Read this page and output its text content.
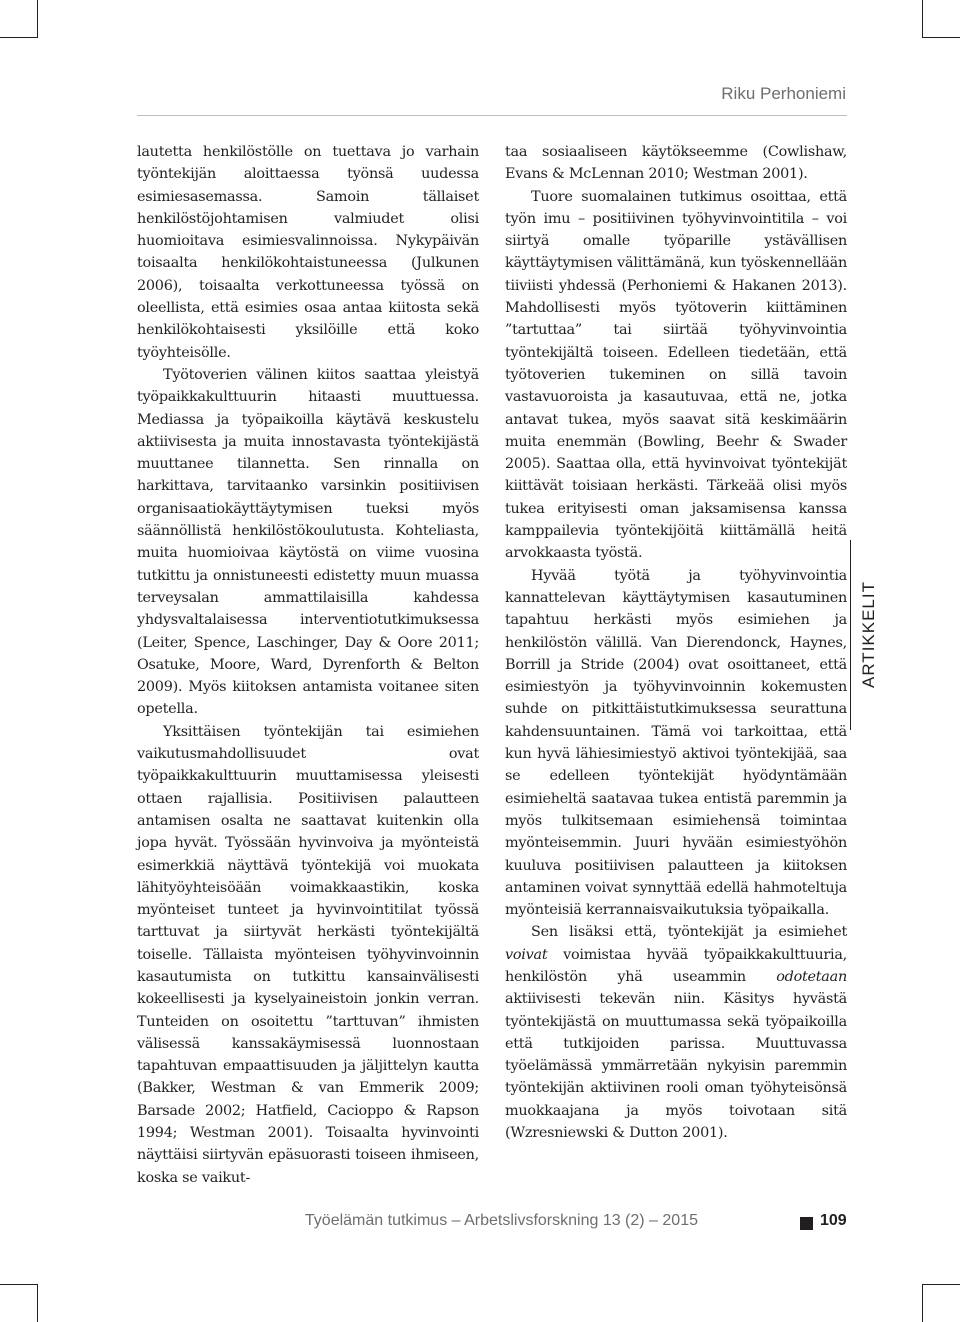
Riku Perhoniemi

lautetta henkilöstölle on tuettava jo varhain työntekijän aloittaessa työnsä uudessa esimiesasemassa. Samoin tällaiset henkilöstöjohtamisen valmiudet olisi huomioitava esimiesvalinnoissa. Nykypäivän toisaalta henkilökohtaistuneessa (Julkunen 2006), toisaalta verkottuneessa työssä on oleellista, että esimies osaa antaa kiitosta sekä henkilökohtaisesti yksilöille että koko työyhteisölle.

Työtoverien välinen kiitos saattaa yleistyä työpaikkakulttuurin hitaasti muuttuessa. Mediassa ja työpaikoilla käytävä keskustelu aktiivisesta ja muita innostavasta työntekijästä muuttanee tilannetta. Sen rinnalla on harkittava, tarvitaanko varsinkin positiivisen organisaatiokäyttäytymisen tueksi myös säännöllistä henkilöstökoulutusta. Kohteliasta, muita huomioivaa käytöstä on viime vuosina tutkittu ja onnistuneesti edistetty muun muassa terveysalan ammattilaisilla kahdessa yhdysvaltalaisessa interventiotutkimuksessa (Leiter, Spence, Laschinger, Day & Oore 2011; Osatuke, Moore, Ward, Dyrenforth & Belton 2009). Myös kiitoksen antamista voitanee siten opetella.

Yksittäisen työntekijän tai esimiehen vaikutusmahdollisuudet ovat työpaikkakulttuurin muuttamisessa yleisesti ottaen rajallisia. Positiivisen palautteen antamisen osalta ne saattavat kuitenkin olla jopa hyvät. Työssään hyvinvoiva ja myönteistä esimerkkiä näyttävä työntekijä voi muokata lähityöyhteisöään voimakkaastikin, koska myönteiset tunteet ja hyvinvointitilat työssä tarttuvat ja siirtyvät herkästi työntekijältä toiselle. Tällaista myönteisen työhyvinvoinnin kasautumista on tutkittu kansainvälisesti kokeellisesti ja kyselyaineistoin jonkin verran. Tunteiden on osoitettu ”tarttuvan” ihmisten välisessä kanssakäymisessä luonnostaan tapahtuvan empaattisuuden ja jäljittelyn kautta (Bakker, Westman & van Emmerik 2009; Barsade 2002; Hatfield, Cacioppo & Rapson 1994; Westman 2001). Toisaalta hyvinvointi näyttäisi siirtyvän epäsuorasti toiseen ihmiseen, koska se vaikut-

taa sosiaaliseen käytökseemme (Cowlishaw, Evans & McLennan 2010; Westman 2001).

Tuore suomalainen tutkimus osoittaa, että työn imu – positiivinen työhyvinvointitila – voi siirtyä omalle työparille ystävällisen käyttäytymisen välittämänä, kun työskennellään tiiviisti yhdessä (Perhoniemi & Hakanen 2013). Mahdollisesti myös työtoverin kiittäminen ”tartuttaa” tai siirtää työhyvinvointia työntekijältä toiseen. Edelleen tiedetään, että työtoverien tukeminen on sillä tavoin vastavuoroista ja kasautuvaa, että ne, jotka antavat tukea, myös saavat sitä keskimäärin muita enemmän (Bowling, Beehr & Swader 2005). Saattaa olla, että hyvinvoivat työntekijät kiittävät toisiaan herkästi. Tärkeää olisi myös tukea erityisesti oman jaksamisensa kanssa kamppailevia työntekijöitä kiittämällä heitä arvokkaasta työstä.

Hyvää työtä ja työhyvinvointia kannattelevan käyttäytymisen kasautuminen tapahtuu herkästi myös esimiehen ja henkilöstön välillä. Van Dierendonck, Haynes, Borrill ja Stride (2004) ovat osoittaneet, että esimiestyön ja työhyvinvoinnin kokemusten suhde on pitkittäistutkimuksessa seurattuna kahdensuuntainen. Tämä voi tarkoittaa, että kun hyvä lähiesimiestyö aktivoi työntekijää, saa se edelleen työntekijät hyödyntämään esimieheltä saatavaa tukea entistä paremmin ja myös tulkitsemaan esimiehensä toimintaa myönteisemmin. Juuri hyvään esimiestyöhön kuuluva positiivisen palautteen ja kiitoksen antaminen voivat synnyttää edellä hahmoteltuja myönteisiä kerrannaisvaikutuksia työpaikalla.

Sen lisäksi että, työntekijät ja esimiehet voivat voimistaa hyvää työpaikkakulttuuria, henkilöstön yhä useammin odotetaan aktiivisesti tekevän niin. Käsitys hyvästä työntekijästä on muuttumassa sekä työpaikoilla että tutkijoiden parissa. Muuttuvassa työelämässä ymmärretään nykyisin paremmin työntekijän aktiivinen rooli oman työhyteisönsä muokkaajana ja myös toivotaan sitä (Wzresniewski & Dutton 2001).

ARTIKKELIT
Työelämän tutkimus – Arbetslivsforskning 13 (2) – 2015	109
